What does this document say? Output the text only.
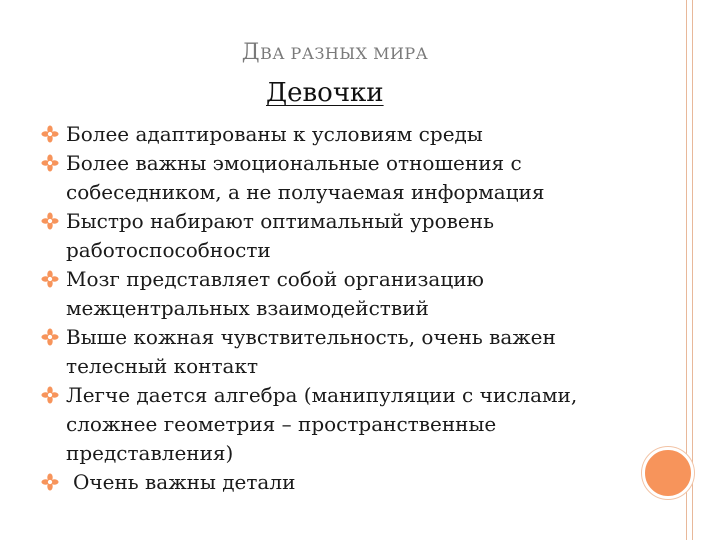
ДВА РАЗНЫХ МИРА
Девочки
Более адаптированы к условиям среды
Более важны эмоциональные отношения с собеседником, а не получаемая информация
Быстро набирают оптимальный уровень работоспособности
Мозг представляет собой организацию межцентральных взаимодействий
Выше кожная чувствительность, очень важен телесный контакт
Легче дается алгебра (манипуляции с числами, сложнее геометрия – пространственные представления)
Очень важны детали
